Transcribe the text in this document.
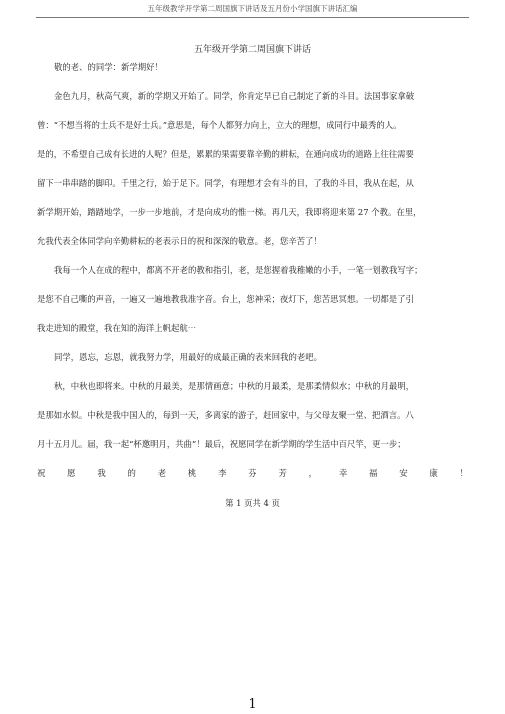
五年级教学开学第二周国旗下讲话及五月份小学国旗下讲话汇编
五年级开学第二周国旗下讲话
敬的老、的同学：新学期好！
金色九月，秋高气爽，新的学期又开始了。同学，你肯定早已自己制定了新的斗目。法国事家拿破
曾：“不想当将的士兵不是好士兵。”意思是，每个人都努力向上，立大的理想，成同行中最秀的人。
是的，不希望自己成有长进的人呢？但是，累累的果需要靠辛勤的耕耘，在通向成功的道路上往往需要
留下一串串踏的脚印。千里之行，始于足下。同学，有理想才会有斗的目，了我的斗目，我从在起，从
新学期开始，踏踏地学，一步一步地前，才是向成功的惟一梯。再几天，我即将迎来第 27 个教。在里，
允我代表全体同学向辛勤耕耘的老表示日的祝和深深的敬意。老，您辛苦了！
我每一个人在成的程中，都离不开老的教和指引，老，是您握着我稚嫩的小手，一笔一划教我写字；
是您不自己嘶的声音，一遍又一遍地教我准字音。台上，您神采；夜灯下，您苦思冥想。一切都是了引
我走进知的殿堂，我在知的海洋上帆起航⋯
同学，恩忘，忘恩，就我努力学，用最好的成最正确的表来回我的老吧。
秋，中秋也即将来。中秋的月最美，是那情画意；中秋的月最柔，是那柔情似水；中秋的月最明，
是那如水似。中秋是我中国人的，每到一天，多离家的游子，赶回家中，与父母友聚一堂、把酒言。八
月十五月儿。届，我一起“杯邀明月，共曲”！最后，祝愿同学在新学期的学生活中百尺竿，更一步；
祝愿我的老桃李芬芳，幸福安康！
第 1 页共 4 页
1
